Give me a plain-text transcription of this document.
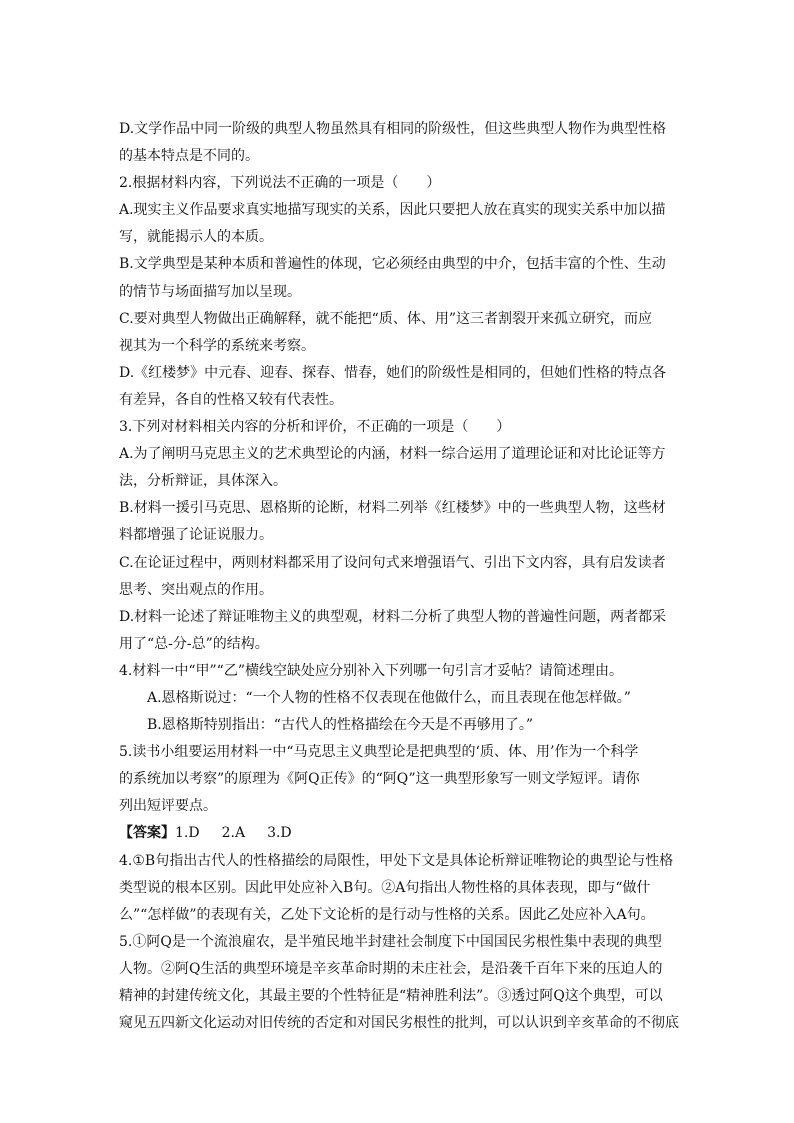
D.文学作品中同一阶级的典型人物虽然具有相同的阶级性，但这些典型人物作为典型性格
的基本特点是不同的。
2.根据材料内容，下列说法不正确的一项是（　　）
A.现实主义作品要求真实地描写现实的关系，因此只要把人放在真实的现实关系中加以描
写，就能揭示人的本质。
B.文学典型是某种本质和普遍性的体现，它必须经由典型的中介，包括丰富的个性、生动
的情节与场面描写加以呈现。
C.要对典型人物做出正确解释，就不能把“质、体、用”这三者割裂开来孤立研究，而应
视其为一个科学的系统来考察。
D.《红楼梦》中元春、迎春、探春、惜春，她们的阶级性是相同的，但她们性格的特点各
有差异，各自的性格又较有代表性。
3.下列对材料相关内容的分析和评价，不正确的一项是（　　）
A.为了阐明马克思主义的艺术典型论的内涵，材料一综合运用了道理论证和对比论证等方
法，分析辩证，具体深入。
B.材料一援引马克思、恩格斯的论断，材料二列举《红楼梦》中的一些典型人物，这些材
料都增强了论证说服力。
C.在论证过程中，两则材料都采用了设问句式来增强语气、引出下文内容，具有启发读者
思考、突出观点的作用。
D.材料一论述了辩证唯物主义的典型观，材料二分析了典型人物的普遍性问题，两者都采
用了“总-分-总”的结构。
4.材料一中“甲”“乙”横线空缺处应分别补入下列哪一句引言才妥帖？请简述理由。
A.恩格斯说过：“一个人物的性格不仅表现在他做什么，而且表现在他怎样做。”
B.恩格斯特别指出：“古代人的性格描绘在今天是不再够用了。”
5.读书小组要运用材料一中“马克思主义典型论是把典型的‘质、体、用’作为一个科学
的系统加以考察”的原理为《阿Q正传》的“阿Q”这一典型形象写一则文学短评。请你
列出短评要点。
【答案】1.D 2.A 3.D
4.①B句指出古代人的性格描绘的局限性，甲处下文是具体论析辩证唯物论的典型论与性格
类型说的根本区别。因此甲处应补入B句。②A句指出人物性格的具体表现，即与“做什
么”“怎样做”的表现有关，乙处下文论析的是行动与性格的关系。因此乙处应补入A句。
5.①阿Q是一个流浪雇农，是半殖民地半封建社会制度下中国国民劣根性集中表现的典型
人物。②阿Q生活的典型环境是辛亥革命时期的未庄社会，是沿袭千百年下来的压迫人的
精神的封建传统文化，其最主要的个性特征是“精神胜利法”。③透过阿Q这个典型，可以
窥见五四新文化运动对旧传统的否定和对国民劣根性的批判，可以认识到辛亥革命的不彻底
